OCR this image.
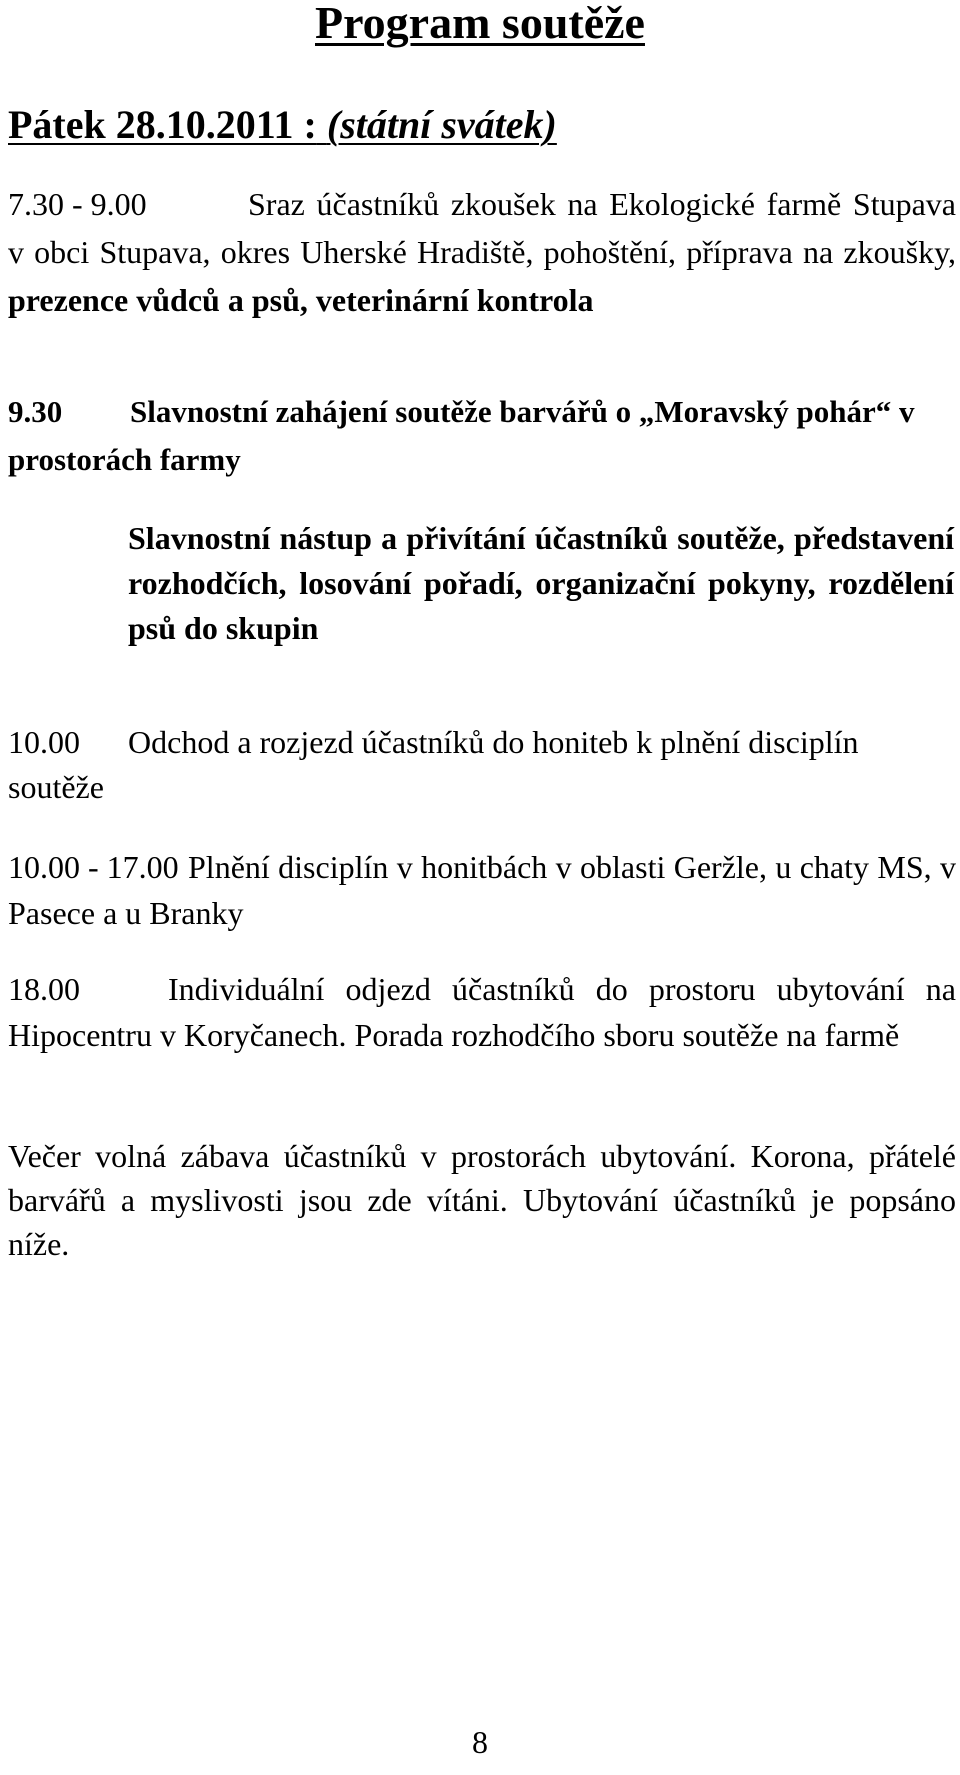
Program soutěže
Pátek 28.10.2011 : (státní svátek)

7.30 - 9.00	Sraz účastníků zkoušek na Ekologické farmě Stupava v obci Stupava, okres Uherské Hradiště, pohoštění, příprava na zkoušky, prezence vůdců a psů, veterinární kontrola

9.30 Slavnostní zahájení soutěže barvářů o „Moravský pohár“ v prostorách farmy

Slavnostní nástup a přivítání účastníků soutěže, představení rozhodčích, losování pořadí, organizační pokyny, rozdělení psů do skupin

10.00 Odchod a rozjezd účastníků do honiteb k plnění disciplín soutěže

10.00 - 17.00 Plnění disciplín v honitbách v oblasti Geržle, u chaty MS, v Pasece a u Branky

18.00	Individuální odjezd účastníků do prostoru ubytování na Hipocentru v Koryčanech. Porada rozhodčího sboru soutěže na farmě

Večer volná zábava účastníků v prostorách ubytování. Korona, přátelé barvářů a myslivosti jsou zde vítáni. Ubytování účastníků je popsáno níže.

8
